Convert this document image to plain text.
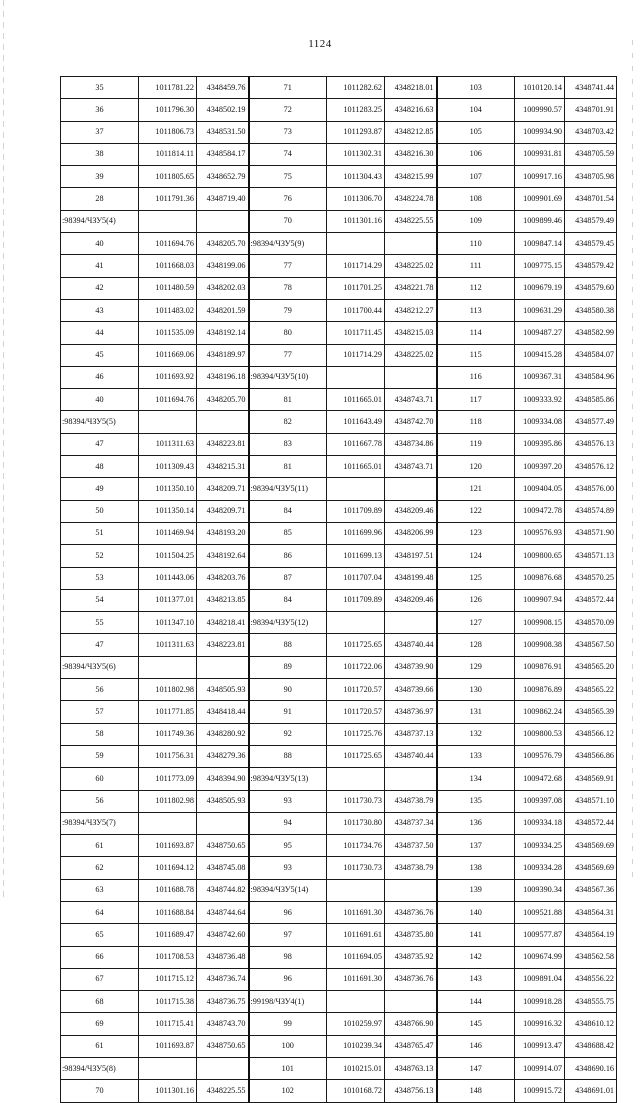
1124
35	1011781.22	4348459.76	71	1011282.62	4348218.01	103	1010120.14	4348741.44
36	1011796.30	4348502.19	72	1011283.25	4348216.63	104	1009990.57	4348701.91
37	1011806.73	4348531.50	73	1011293.87	4348212.85	105	1009934.90	4348703.42
38	1011814.11	4348584.17	74	1011302.31	4348216.30	106	1009931.81	4348705.59
39	1011805.65	4348652.79	75	1011304.43	4348215.99	107	1009917.16	4348705.98
28	1011791.36	4348719.40	76	1011306.70	4348224.78	108	1009901.69	4348701.54
:98394/ЧЗУ5(4)			70	1011301.16	4348225.55	109	1009899.46	4348579.49
40	1011694.76	4348205.70	:98394/ЧЗУ5(9)			110	1009847.14	4348579.45
41	1011668.03	4348199.06	77	1011714.29	4348225.02	111	1009775.15	4348579.42
42	1011480.59	4348202.03	78	1011701.25	4348221.78	112	1009679.19	4348579.60
43	1011483.02	4348201.59	79	1011700.44	4348212.27	113	1009631.29	4348580.38
44	1011535.09	4348192.14	80	1011711.45	4348215.03	114	1009487.27	4348582.99
45	1011669.06	4348189.97	77	1011714.29	4348225.02	115	1009415.28	4348584.07
46	1011693.92	4348196.18	:98394/ЧЗУ5(10)			116	1009367.31	4348584.96
40	1011694.76	4348205.70	81	1011665.01	4348743.71	117	1009333.92	4348585.86
:98394/ЧЗУ5(5)			82	1011643.49	4348742.70	118	1009334.08	4348577.49
47	1011311.63	4348223.81	83	1011667.78	4348734.86	119	1009395.86	4348576.13
48	1011309.43	4348215.31	81	1011665.01	4348743.71	120	1009397.20	4348576.12
49	1011350.10	4348209.71	:98394/ЧЗУ5(11)			121	1009404.05	4348576.00
50	1011350.14	4348209.71	84	1011709.89	4348209.46	122	1009472.78	4348574.89
51	1011469.94	4348193.20	85	1011699.96	4348206.99	123	1009576.93	4348571.90
52	1011504.25	4348192.64	86	1011699.13	4348197.51	124	1009800.65	4348571.13
53	1011443.06	4348203.76	87	1011707.04	4348199.48	125	1009876.68	4348570.25
54	1011377.01	4348213.85	84	1011709.89	4348209.46	126	1009907.94	4348572.44
55	1011347.10	4348218.41	:98394/ЧЗУ5(12)			127	1009908.15	4348570.09
47	1011311.63	4348223.81	88	1011725.65	4348740.44	128	1009908.38	4348567.50
:98394/ЧЗУ5(6)			89	1011722.06	4348739.90	129	1009876.91	4348565.20
56	1011802.98	4348505.93	90	1011720.57	4348739.66	130	1009876.89	4348565.22
57	1011771.85	4348418.44	91	1011720.57	4348736.97	131	1009862.24	4348565.39
58	1011749.36	4348280.92	92	1011725.76	4348737.13	132	1009800.53	4348566.12
59	1011756.31	4348279.36	88	1011725.65	4348740.44	133	1009576.79	4348566.86
60	1011773.09	4348394.90	:98394/ЧЗУ5(13)			134	1009472.68	4348569.91
56	1011802.98	4348505.93	93	1011730.73	4348738.79	135	1009397.08	4348571.10
:98394/ЧЗУ5(7)			94	1011730.80	4348737.34	136	1009334.18	4348572.44
61	1011693.87	4348750.65	95	1011734.76	4348737.50	137	1009334.25	4348569.69
62	1011694.12	4348745.08	93	1011730.73	4348738.79	138	1009334.28	4348569.69
63	1011688.78	4348744.82	:98394/ЧЗУ5(14)			139	1009390.34	4348567.36
64	1011688.84	4348744.64	96	1011691.30	4348736.76	140	1009521.88	4348564.31
65	1011689.47	4348742.60	97	1011691.61	4348735.80	141	1009577.87	4348564.19
66	1011708.53	4348736.48	98	1011694.05	4348735.92	142	1009674.99	4348562.58
67	1011715.12	4348736.74	96	1011691.30	4348736.76	143	1009891.04	4348556.22
68	1011715.38	4348736.75	:99198/ЧЗУ4(1)			144	1009918.28	4348555.75
69	1011715.41	4348743.70	99	1010259.97	4348766.90	145	1009916.32	4348610.12
61	1011693.87	4348750.65	100	1010239.34	4348765.47	146	1009913.47	4348688.42
:98394/ЧЗУ5(8)			101	1010215.01	4348763.13	147	1009914.07	4348690.16
70	1011301.16	4348225.55	102	1010168.72	4348756.13	148	1009915.72	4348691.01
